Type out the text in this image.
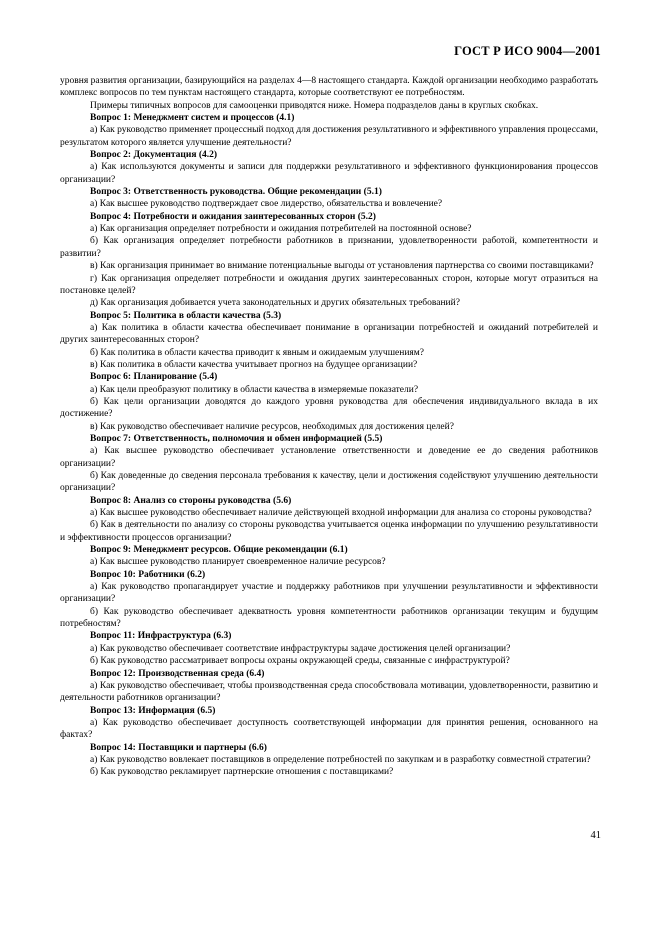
ГОСТ Р ИСО 9004—2001

уровня развития организации, базирующийся на разделах 4—8 настоящего стандарта. Каждой организации необходимо разработать комплекс вопросов по тем пунктам настоящего стандарта, которые соответствуют ее потребностям.

Примеры типичных вопросов для самооценки приводятся ниже. Номера подразделов даны в круглых скобках.

Вопрос 1: Менеджмент систем и процессов (4.1)

а) Как руководство применяет процессный подход для достижения результативного и эффективного управления процессами, результатом которого является улучшение деятельности?

Вопрос 2: Документация (4.2)

а) Как используются документы и записи для поддержки результативного и эффективного функционирования процессов организации?

Вопрос 3: Ответственность руководства. Общие рекомендации (5.1)

а) Как высшее руководство подтверждает свое лидерство, обязательства и вовлечение?

Вопрос 4: Потребности и ожидания заинтересованных сторон (5.2)

а) Как организация определяет потребности и ожидания потребителей на постоянной основе?

б) Как организация определяет потребности работников в признании, удовлетворенности работой, компетентности и развитии?

в) Как организация принимает во внимание потенциальные выгоды от установления партнерства со своими поставщиками?

г) Как организация определяет потребности и ожидания других заинтересованных сторон, которые могут отразиться на постановке целей?

д) Как организация добивается учета законодательных и других обязательных требований?

Вопрос 5: Политика в области качества (5.3)

а) Как политика в области качества обеспечивает понимание в организации потребностей и ожиданий потребителей и других заинтересованных сторон?

б) Как политика в области качества приводит к явным и ожидаемым улучшениям?

в) Как политика в области качества учитывает прогноз на будущее организации?

Вопрос 6: Планирование (5.4)

а) Как цели преобразуют политику в области качества в измеряемые показатели?

б) Как цели организации доводятся до каждого уровня руководства для обеспечения индивидуального вклада в их достижение?

в) Как руководство обеспечивает наличие ресурсов, необходимых для достижения целей?

Вопрос 7: Ответственность, полномочия и обмен информацией (5.5)

а) Как высшее руководство обеспечивает установление ответственности и доведение ее до сведения работников организации?

б) Как доведенные до сведения персонала требования к качеству, цели и достижения содействуют улучшению деятельности организации?

Вопрос 8: Анализ со стороны руководства (5.6)

а) Как высшее руководство обеспечивает наличие действующей входной информации для анализа со стороны руководства?

б) Как в деятельности по анализу со стороны руководства учитывается оценка информации по улучшению результативности и эффективности процессов организации?

Вопрос 9: Менеджмент ресурсов. Общие рекомендации (6.1)

а) Как высшее руководство планирует своевременное наличие ресурсов?

Вопрос 10: Работники (6.2)

а) Как руководство пропагандирует участие и поддержку работников при улучшении результативности и эффективности организации?

б) Как руководство обеспечивает адекватность уровня компетентности работников организации текущим и будущим потребностям?

Вопрос 11: Инфраструктура (6.3)

а) Как руководство обеспечивает соответствие инфраструктуры задаче достижения целей организации?

б) Как руководство рассматривает вопросы охраны окружающей среды, связанные с инфраструктурой?

Вопрос 12: Производственная среда (6.4)

а) Как руководство обеспечивает, чтобы производственная среда способствовала мотивации, удовлетворенности, развитию и деятельности работников организации?

Вопрос 13: Информация (6.5)

а) Как руководство обеспечивает доступность соответствующей информации для принятия решения, основанного на фактах?

Вопрос 14: Поставщики и партнеры (6.6)

а) Как руководство вовлекает поставщиков в определение потребностей по закупкам и в разработку совместной стратегии?

б) Как руководство рекламирует партнерские отношения с поставщиками?

41
